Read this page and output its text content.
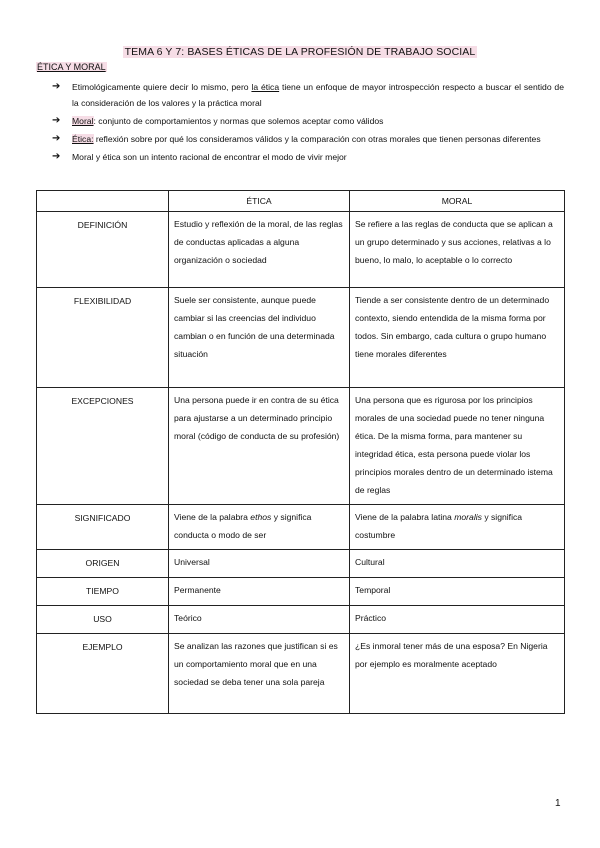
TEMA 6 Y 7: BASES ÉTICAS DE LA PROFESIÓN DE TRABAJO SOCIAL
ÉTICA Y MORAL
➔ Etimológicamente quiere decir lo mismo, pero la ética tiene un enfoque de mayor introspección respecto a buscar el sentido de la consideración de los valores y la práctica moral
➔ Moral: conjunto de comportamientos y normas que solemos aceptar como válidos
➔ Ética: reflexión sobre por qué los consideramos válidos y la comparación con otras morales que tienen personas diferentes
➔ Moral y ética son un intento racional de encontrar el modo de vivir mejor
	ÉTICA	MORAL
DEFINICIÓN	Estudio y reflexión de la moral, de las reglas de conductas aplicadas a alguna organización o sociedad	Se refiere a las reglas de conducta que se aplican a un grupo determinado y sus acciones, relativas a lo bueno, lo malo, lo aceptable o lo correcto
FLEXIBILIDAD	Suele ser consistente, aunque puede cambiar si las creencias del individuo cambian o en función de una determinada situación	Tiende a ser consistente dentro de un determinado contexto, siendo entendida de la misma forma por todos. Sin embargo, cada cultura o grupo humano tiene morales diferentes
EXCEPCIONES	Una persona puede ir en contra de su ética para ajustarse a un determinado principio moral (código de conducta de su profesión)	Una persona que es rigurosa por los principios morales de una sociedad puede no tener ninguna ética. De la misma forma, para mantener su integridad ética, esta persona puede violar los principios morales dentro de un determinado istema de reglas
SIGNIFICADO	Viene de la palabra ethos y significa conducta o modo de ser	Viene de la palabra latina moralis y significa costumbre
ORIGEN	Universal	Cultural
TIEMPO	Permanente	Temporal
USO	Teórico	Práctico
EJEMPLO	Se analizan las razones que justifican si es un comportamiento moral que en una sociedad se deba tener una sola pareja	¿Es inmoral tener más de una esposa? En Nigeria por ejemplo es moralmente aceptado
1
